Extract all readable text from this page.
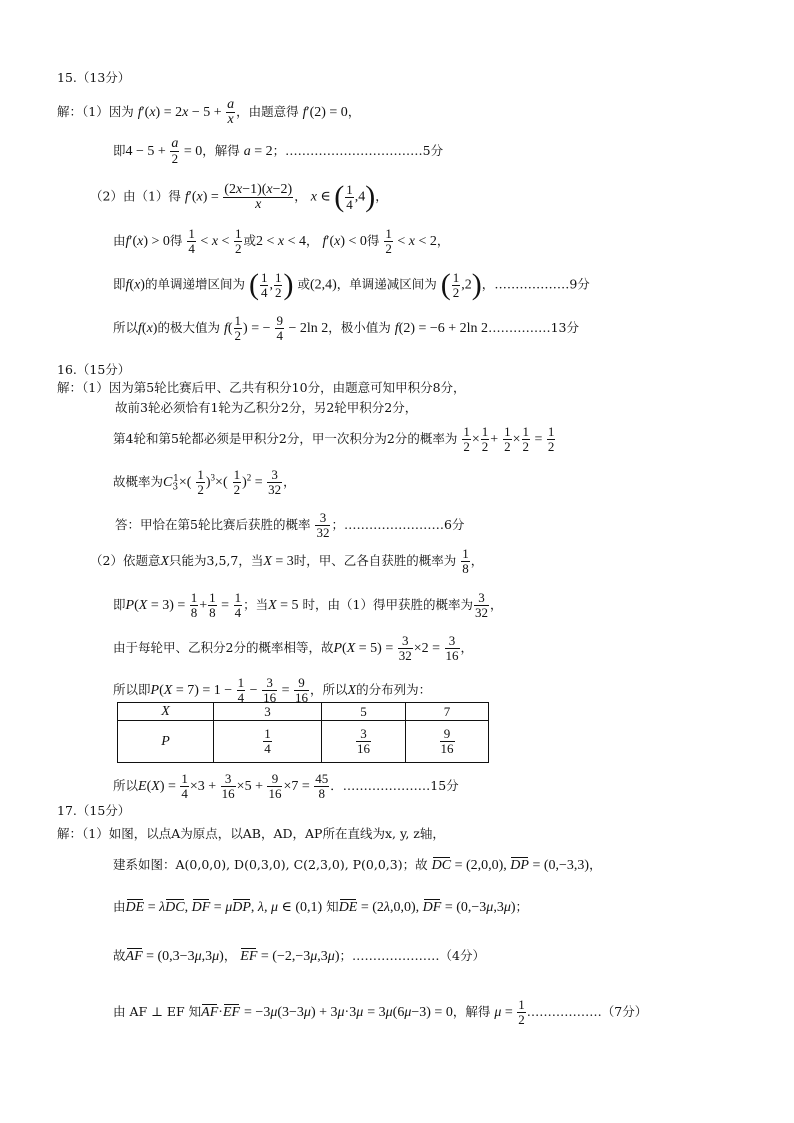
15.（13分）
解：（1）因为 $f'(x) = 2x - 5 + \frac{a}{x}$ ，由题意得 f′(2) = 0，
即$4 - 5 + \frac{a}{2} = 0$，解得 a = 2；……………………………5分
（2）由（1）得 $f'(x) = \frac{(2x-1)(x-2)}{x}$ ， x ∈ ( $\frac{1}{4} ,4$)，
由f′(x) > 0得 $\frac{1}{4} < x < \frac{1}{2}$ 或2 < x < 4， f′(x) < 0得 $\frac{1}{2} < x < 2$，
即f(x)的单调递增区间为 ( $\frac{1}{4}$ , $\frac{1}{2}$ ) 或(2,4)，单调递减区间为 ( $\frac{1}{2} ,2$)，………………9分
所以f(x)的极大值为 $f( \frac{1}{2}$ ) = − $\frac{9}{4} - 2\ln$ 2，极小值为 f(2) = −6 + 2ln 2……………13分
16.（15分）
解：（1）因为第5轮比赛后甲、乙共有积分10分，由题意可知甲积分8分，
故前3轮必须恰有1轮为乙积分2分，另2轮甲积分2分，
第4轮和第5轮都必须是甲积分2分，甲一次积分为2分的概率为 $\frac{1}{2} \times \frac{1}{2} + \frac{1}{2} \times \frac{1}{2} = \frac{1}{2}$
故概率为$C_3^1\times( \frac{1}{2} )^3\times( \frac{1}{2} )^2 = \frac{3}{32}$ ，
答：甲恰在第5轮比赛后获胜的概率 $\frac{3}{32}$ ；……………………6分
（2）依题意X只能为3,5,7，当X = 3时，甲、乙各自获胜的概率为 $\frac{1}{8}$ ，
即$P(X = 3) = \frac{1}{8} + \frac{1}{8} = \frac{1}{4}$ ；当X = 5 时，由（1）得甲获胜的概率为 $\frac{3}{32}$ ，
由于每轮甲、乙积分2分的概率相等，故$P(X = 5) = \frac{3}{32} \times 2 = \frac{3}{16}$ ，
所以即$P(X = 7) = 1 - \frac{1}{4} - \frac{3}{16} = \frac{9}{16}$ ，所以X的分布列为：
X	3	5	7
P	$\frac{1}{4}$	$\frac{3}{16}$	$\frac{9}{16}$
所以$E(X) = \frac{1}{4} \times 3 + \frac{3}{16} \times 5 + \frac{9}{16} \times 7 = \frac{45}{8}$ ．…………………15分
17.（15分）
解：（1）如图，以点A为原点，以AB，AD，AP所在直线为x, y, z轴，
建系如图：A(0,0,0), D(0,3,0), C(2,3,0), P(0,0,3)；故 DC = (2,0,0), DP = (0,−3,3)，
由DE = λDC, DF = μDP, λ, μ ∈ (0,1) 知DE = (2λ,0,0), DF = (0,−3μ,3μ)；
故AF = (0,3−3μ,3μ)， EF = (−2,−3μ,3μ)；…………………（4分）
由 AF ⊥ EF 知AF·EF = −3μ(3−3μ) + 3μ·3μ = 3μ(6μ−3) = 0，解得 $\mu = \frac{1}{2}$ ………………（7分）
